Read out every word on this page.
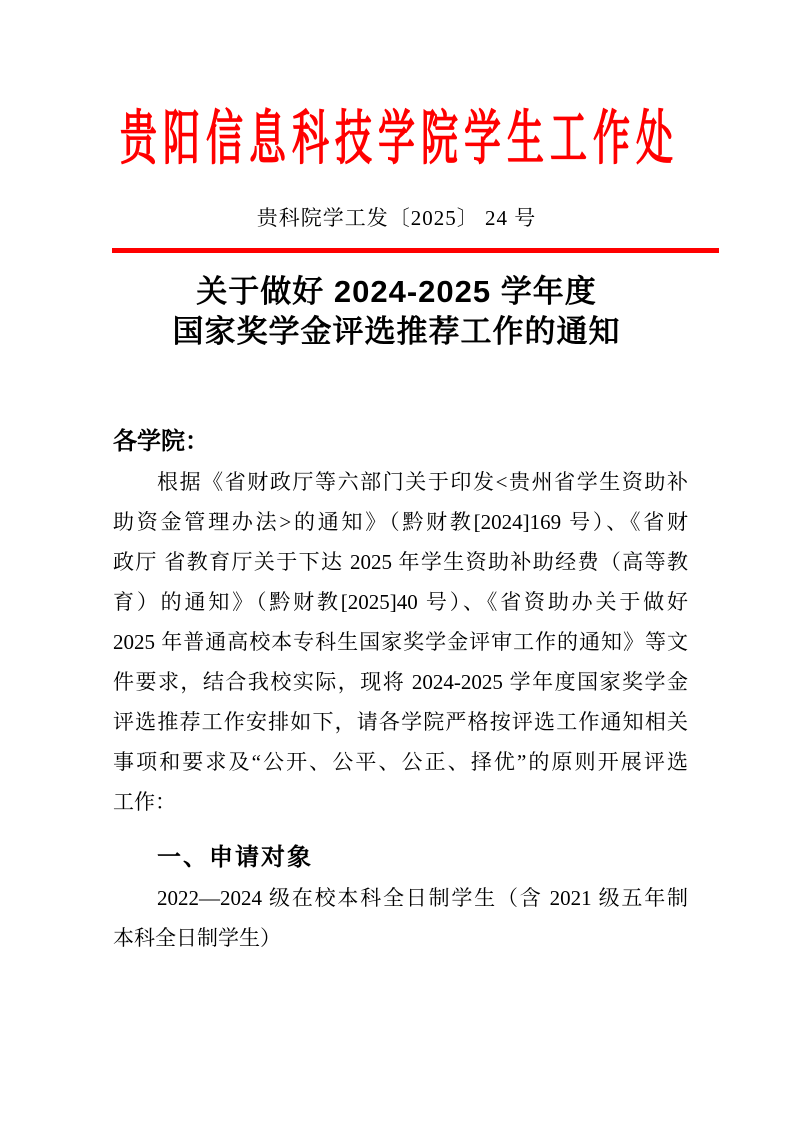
贵阳信息科技学院学生工作处
贵科院学工发〔2025〕 24 号
关于做好 2024-2025 学年度
国家奖学金评选推荐工作的通知
各学院：
根据《省财政厅等六部门关于印发<贵州省学生资助补
助资金管理办法>的通知》（黔财教[2024]169 号）、《省财
政厅 省教育厅关于下达 2025 年学生资助补助经费（高等教
育）的通知》（黔财教[2025]40 号）、《省资助办关于做好
2025 年普通高校本专科生国家奖学金评审工作的通知》等文
件要求，结合我校实际，现将 2024-2025 学年度国家奖学金
评选推荐工作安排如下，请各学院严格按评选工作通知相关
事项和要求及“公开、公平、公正、择优”的原则开展评选
工作：
一、申请对象
2022—2024 级在校本科全日制学生（含 2021 级五年制
本科全日制学生）
